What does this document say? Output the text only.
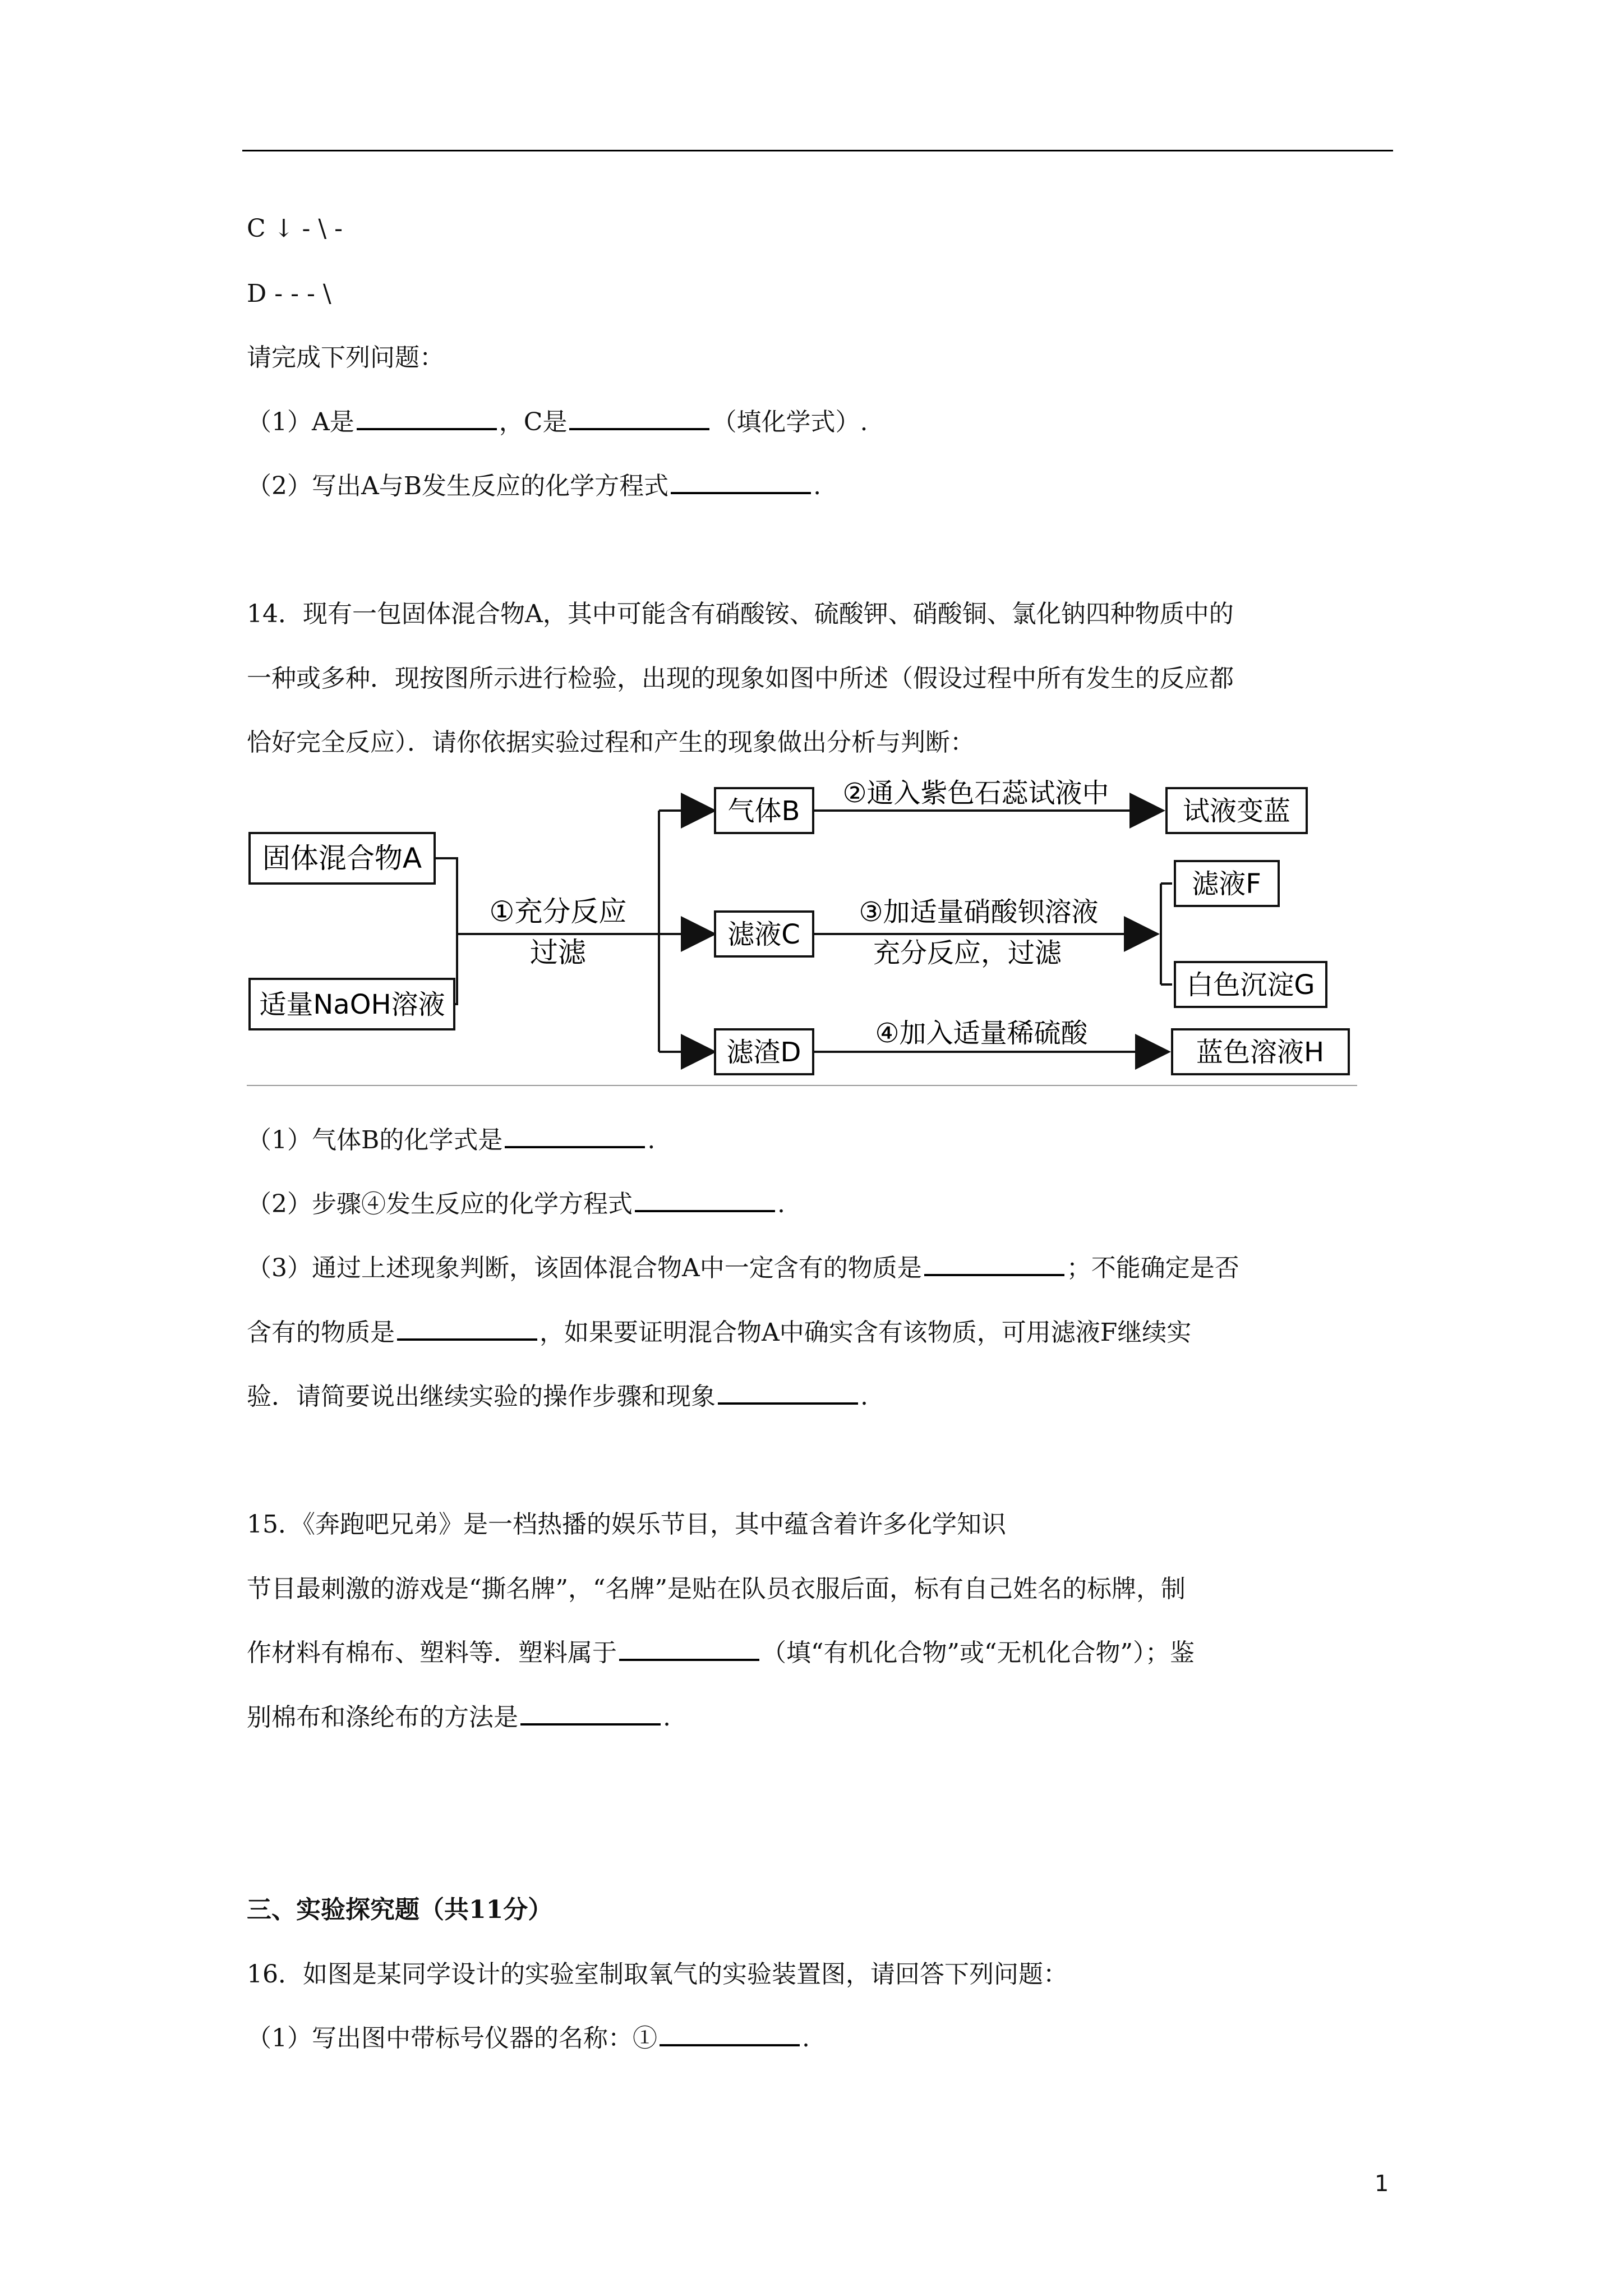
C ↓ - \ -
D - - - \
请完成下列问题：
（1）A是	，C是	（填化学式）.
（2）写出A与B发生反应的化学方程式	.
14．现有一包固体混合物A，其中可能含有硝酸铵、硫酸钾、硝酸铜、氯化钠四种物质中的
一种或多种．现按图所示进行检验，出现的现象如图中所述（假设过程中所有发生的反应都
恰好完全反应）．请你依据实验过程和产生的现象做出分析与判断：
固体混合物A
适量NaOH溶液
①充分反应
过滤
气体B
②通入紫色石蕊试液中
试液变蓝
滤液C
③加适量硝酸钡溶液
充分反应，过滤
滤液F
白色沉淀G
滤渣D
④加入适量稀硫酸
蓝色溶液H
（1）气体B的化学式是	.
（2）步骤④发生反应的化学方程式	.
（3）通过上述现象判断，该固体混合物A中一定含有的物质是	；不能确定是否
含有的物质是	，如果要证明混合物A中确实含有该物质，可用滤液F继续实
验．请简要说出继续实验的操作步骤和现象	.
15．《奔跑吧兄弟》是一档热播的娱乐节目，其中蕴含着许多化学知识
节目最刺激的游戏是“撕名牌”，“名牌”是贴在队员衣服后面，标有自己姓名的标牌，制
作材料有棉布、塑料等．塑料属于	（填“有机化合物”或“无机化合物”）；鉴
别棉布和涤纶布的方法是	.
三、实验探究题（共11分）
16．如图是某同学设计的实验室制取氧气的实验装置图，请回答下列问题：
（1）写出图中带标号仪器的名称：①	.
1
